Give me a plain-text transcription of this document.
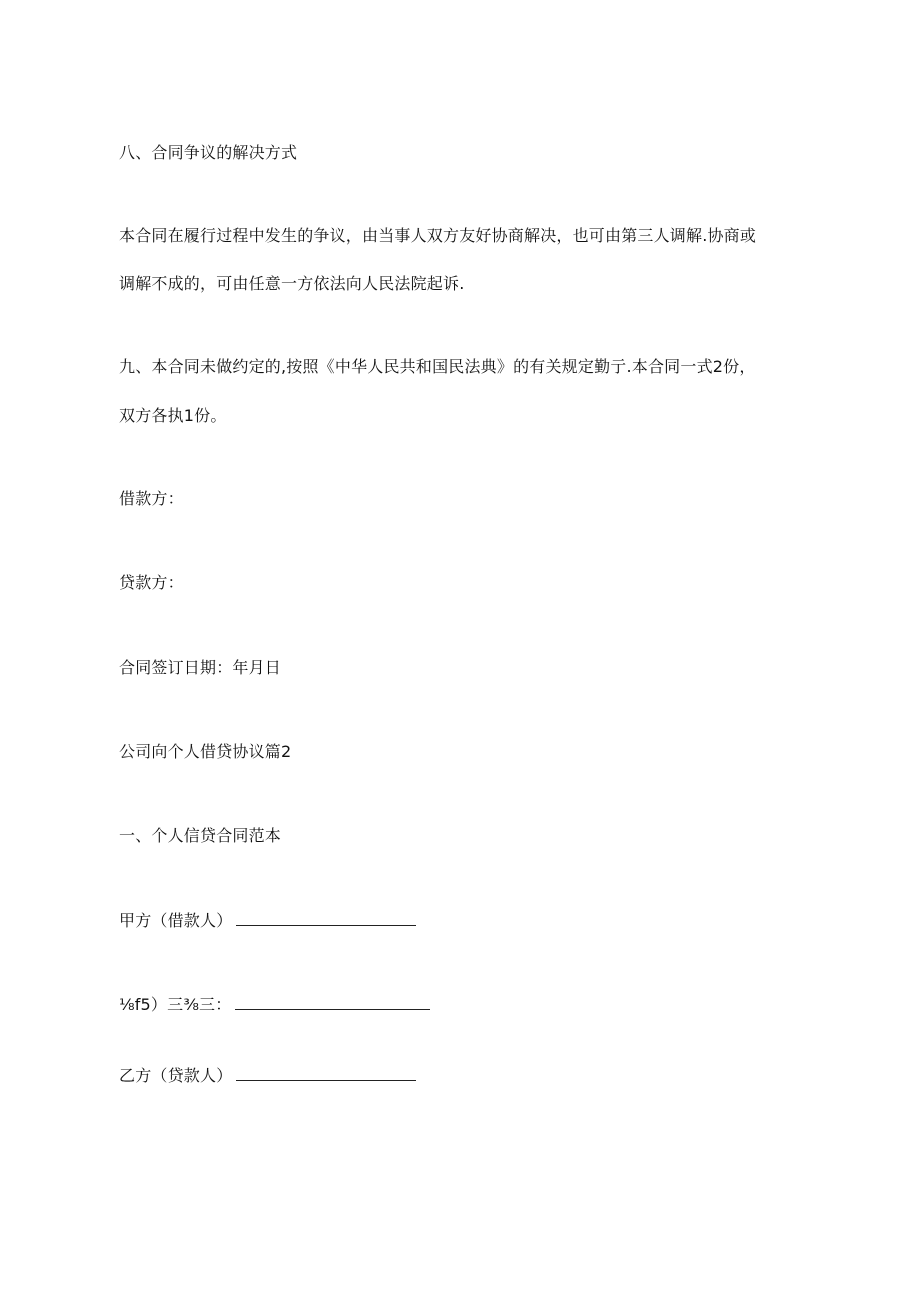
八、合同争议的解决方式
本合同在履行过程中发生的争议，由当事人双方友好协商解决，也可由第三人调解.协商或
调解不成的，可由任意一方依法向人民法院起诉.
九、本合同未做约定的,按照《中华人民共和国民法典》的有关规定勤亍.本合同一式2份，
双方各执1份。
借款方：
贷款方：
合同签订日期：年月日
公司向个人借贷协议篇2
一、个人信贷合同范本
甲方（借款人）
⅛f5）三⅜三：
乙方（贷款人）
